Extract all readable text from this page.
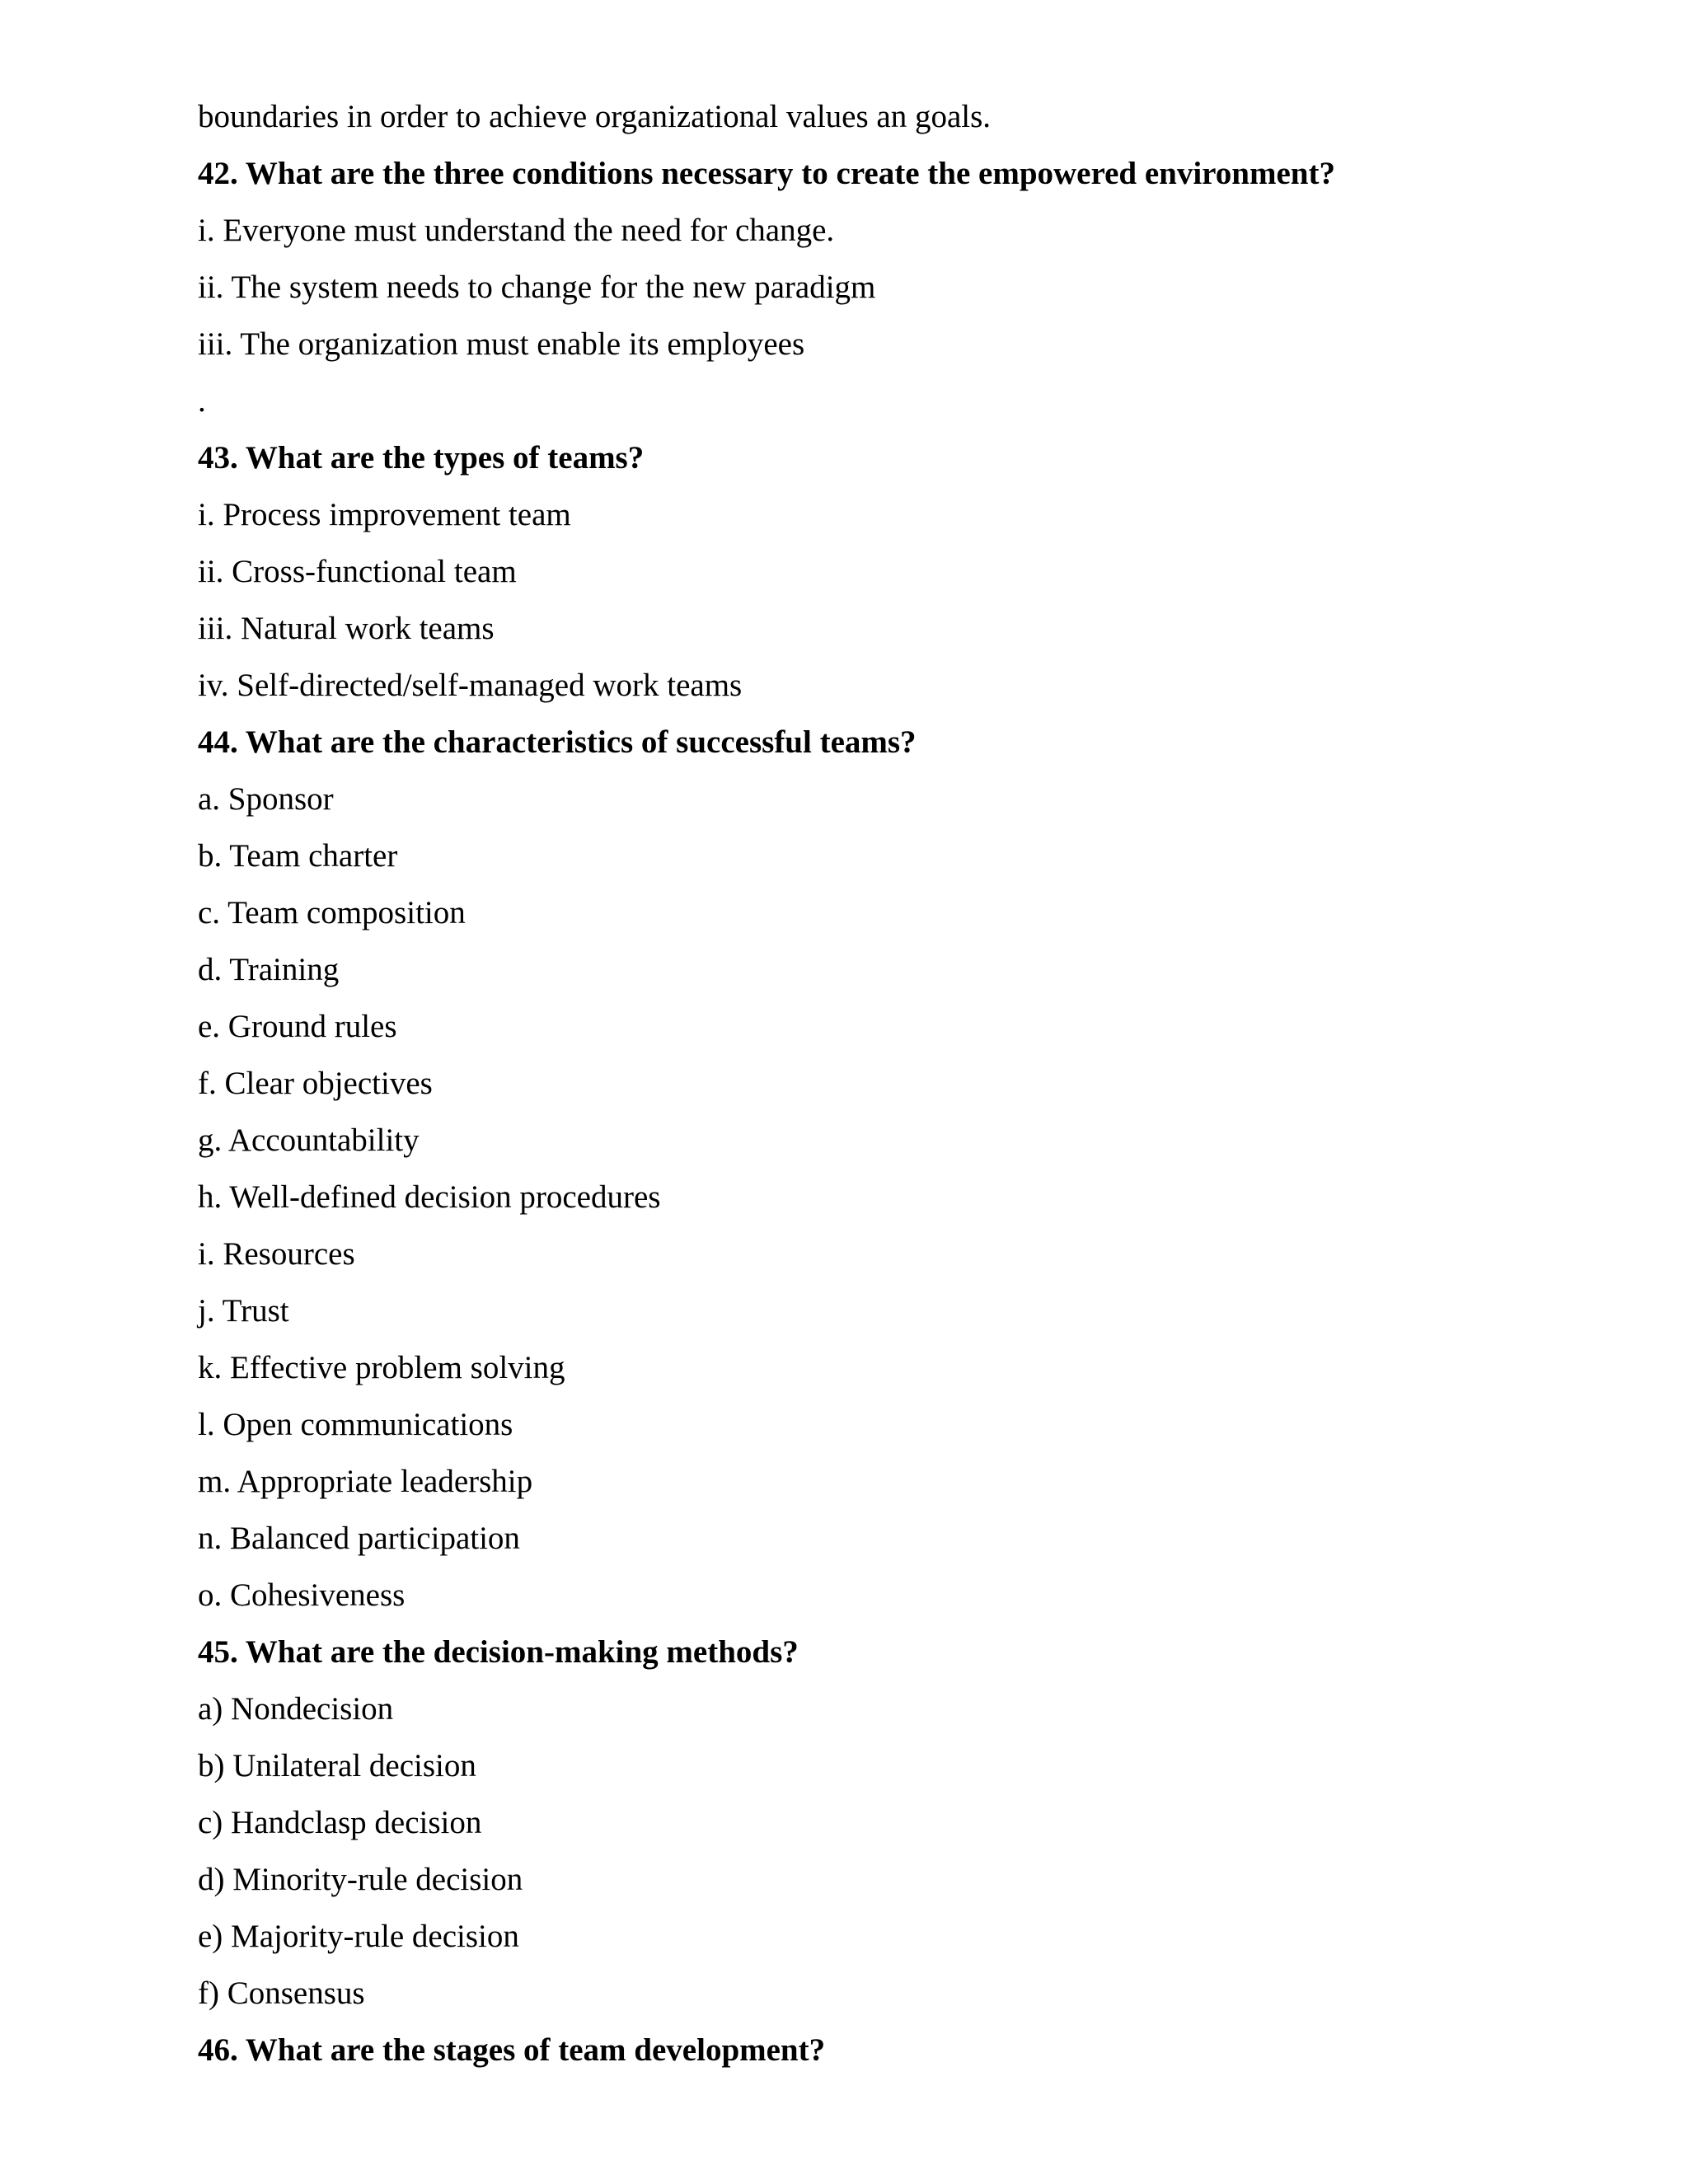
boundaries in order to achieve organizational values an goals.
42. What are the three conditions necessary to create the empowered environment?
i. Everyone must understand the need for change.
ii. The system needs to change for the new paradigm
iii. The organization must enable its employees
.
43. What are the types of teams?
i. Process improvement team
ii. Cross-functional team
iii. Natural work teams
iv. Self-directed/self-managed work teams
44. What are the characteristics of successful teams?
a. Sponsor
b. Team charter
c. Team composition
d. Training
e. Ground rules
f. Clear objectives
g. Accountability
h. Well-defined decision procedures
i. Resources
j. Trust
k. Effective problem solving
l. Open communications
m. Appropriate leadership
n. Balanced participation
o. Cohesiveness
45. What are the decision-making methods?
a) Nondecision
b) Unilateral decision
c) Handclasp decision
d) Minority-rule decision
e) Majority-rule decision
f) Consensus
46. What are the stages of team development?
